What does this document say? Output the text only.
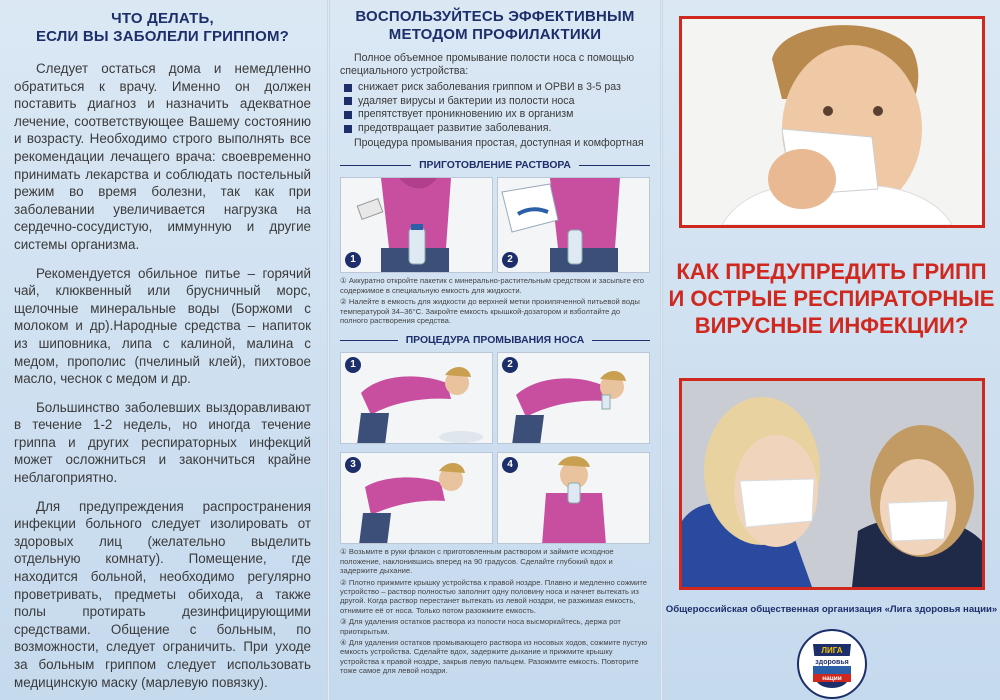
ЧТО ДЕЛАТЬ,
ЕСЛИ ВЫ ЗАБОЛЕЛИ ГРИППОМ?

Следует остаться дома и немедленно обратиться к врачу. Именно он должен поставить диагноз и назначить адекватное лечение, соответствующее Вашему состоянию и возрасту. Необходимо строго выполнять все рекомендации лечащего врача: своевременно принимать лекарства и соблюдать постельный режим во время болезни, так как при заболевании увеличивается нагрузка на сердечно-сосудистую, иммунную и другие системы организма.

Рекомендуется обильное питье – горячий чай, клюквенный или брусничный морс, щелочные минеральные воды (Боржоми с молоком и др).Народные средства – напиток из шиповника, липа с калиной, малина с медом, прополис (пчелиный клей), пихтовое масло, чеснок с медом и др.

Большинство заболевших выздоравливают в течение 1-2 недель, но иногда течение гриппа и других респираторных инфекций может осложниться и закончиться крайне неблагоприятно.

Для предупреждения распространения инфекции больного следует изолировать от здоровых лиц (желательно выделить отдельную комнату). Помещение, где находится больной, необходимо регулярно проветривать, предметы обихода, а также полы протирать дезинфицирующими средствами. Общение с больным, по возможности, следует ограничить. При уходе за больным гриппом следует использовать медицинскую маску (марлевую повязку).

ВОСПОЛЬЗУЙТЕСЬ ЭФФЕКТИВНЫМ
МЕТОДОМ ПРОФИЛАКТИКИ

Полное объемное промывание полости носа с помощью специального устройства:

снижает риск заболевания гриппом и ОРВИ в 3-5 раз
удаляет вирусы и бактерии из полости носа
препятствует проникновению их в организм
предотвращает развитие заболевания.

Процедура промывания простая, доступная и комфортная

ПРИГОТОВЛЕНИЕ РАСТВОРА
1	2

① Аккуратно откройте пакетик с минерально-растительным средством и засыпьте его содержимое в специальную емкость для жидкости.

② Налейте в емкость для жидкости до верхней метки прокипяченной питьевой воды температурой 34–36°С. Закройте емкость крышкой-дозатором и взболтайте до полного растворения средства.

ПРОЦЕДУРА ПРОМЫВАНИЯ НОСА
1	2
3	4

① Возьмите в руки флакон с приготовленным раствором и займите исходное положение, наклонившись вперед на 90 градусов. Сделайте глубокий вдох и задержите дыхание.

② Плотно прижмите крышку устройства к правой ноздре. Плавно и медленно сожмите устройство – раствор полностью заполнит одну половину носа и начнет вытекать из другой. Когда раствор перестанет вытекать из левой ноздри, не разжимая емкость, отнимите её от носа. Только потом разожмите емкость.

③ Для удаления остатков раствора из полости носа высморкайтесь, держа рот приоткрытым.

④ Для удаления остатков промывающего раствора из носовых ходов, сожмите пустую емкость устройства. Сделайте вдох, задержите дыхание и прижмите крышку устройства к правой ноздре, закрыв левую пальцем. Разожмите емкость. Повторите тоже самое для левой ноздри.

КАК ПРЕДУПРЕДИТЬ ГРИПП
И ОСТРЫЕ РЕСПИРАТОРНЫЕ
ВИРУСНЫЕ ИНФЕКЦИИ?

Общероссийская общественная организация «Лига здоровья нации»

ЛИГА
здоровья
нации
